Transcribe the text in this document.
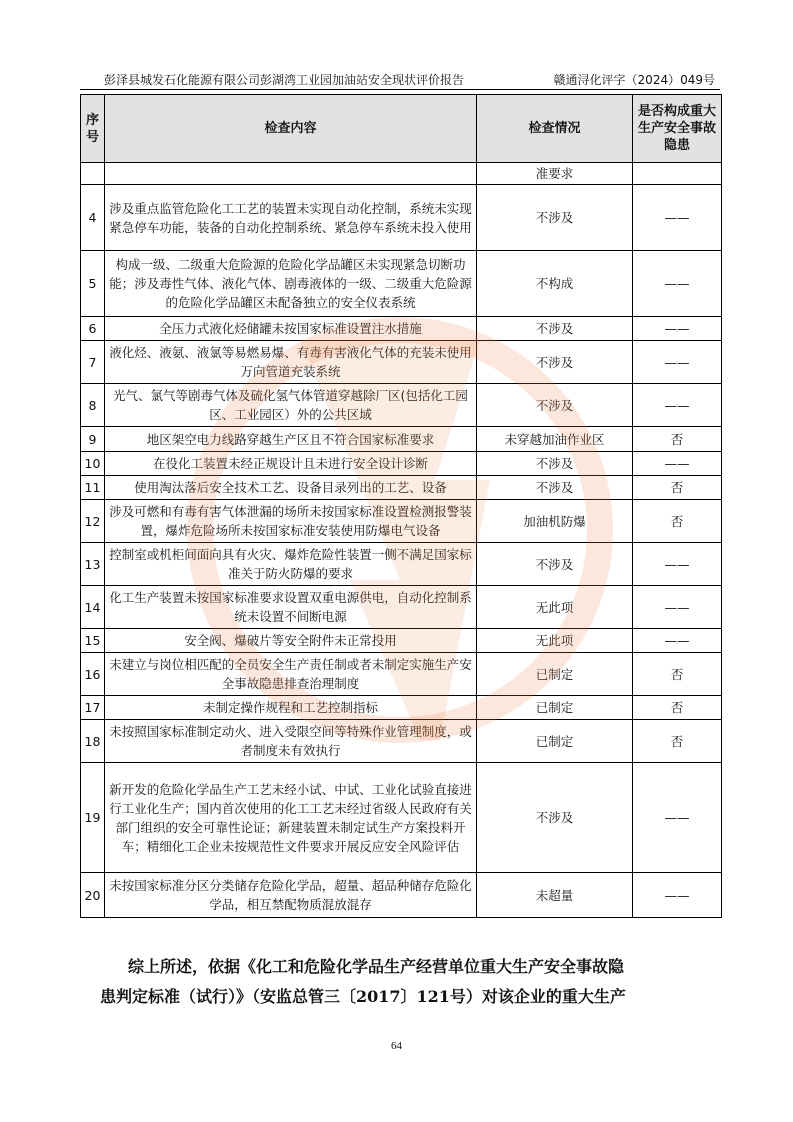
彭泽县城发石化能源有限公司彭湖湾工业园加油站安全现状评价报告	赣通浔化评字（2024）049号
序号	检查内容	检查情况	是否构成重大生产安全事故隐患
		准要求	
4	涉及重点监管危险化工工艺的装置未实现自动化控制，系统未实现紧急停车功能，装备的自动化控制系统、紧急停车系统未投入使用	不涉及	——
5	构成一级、二级重大危险源的危险化学品罐区未实现紧急切断功能；涉及毒性气体、液化气体、剧毒液体的一级、二级重大危险源的危险化学品罐区未配备独立的安全仪表系统	不构成	——
6	全压力式液化烃储罐未按国家标准设置注水措施	不涉及	——
7	液化烃、液氨、液氯等易燃易爆、有毒有害液化气体的充装未使用万向管道充装系统	不涉及	——
8	光气、氯气等剧毒气体及硫化氢气体管道穿越除厂区(包括化工园区、工业园区）外的公共区域	不涉及	——
9	地区架空电力线路穿越生产区且不符合国家标准要求	未穿越加油作业区	否
10	在役化工装置未经正规设计且未进行安全设计诊断	不涉及	——
11	使用淘汰落后安全技术工艺、设备目录列出的工艺、设备	不涉及	否
12	涉及可燃和有毒有害气体泄漏的场所未按国家标准设置检测报警装置，爆炸危险场所未按国家标准安装使用防爆电气设备	加油机防爆	否
13	控制室或机柜间面向具有火灾、爆炸危险性装置一侧不满足国家标准关于防火防爆的要求	不涉及	——
14	化工生产装置未按国家标准要求设置双重电源供电，自动化控制系统未设置不间断电源	无此项	——
15	安全阀、爆破片等安全附件未正常投用	无此项	——
16	未建立与岗位相匹配的全员安全生产责任制或者未制定实施生产安全事故隐患排查治理制度	已制定	否
17	未制定操作规程和工艺控制指标	已制定	否
18	未按照国家标准制定动火、进入受限空间等特殊作业管理制度，或者制度未有效执行	已制定	否
19	新开发的危险化学品生产工艺未经小试、中试、工业化试验直接进行工业化生产；国内首次使用的化工工艺未经过省级人民政府有关部门组织的安全可靠性论证；新建装置未制定试生产方案投料开车；精细化工企业未按规范性文件要求开展反应安全风险评估	不涉及	——
20	未按国家标准分区分类储存危险化学品，超量、超品种储存危险化学品，相互禁配物质混放混存	未超量	——
综上所述，依据《化工和危险化学品生产经营单位重大生产安全事故隐
患判定标准（试行）》（安监总管三〔2017〕121号）对该企业的重大生产
64
